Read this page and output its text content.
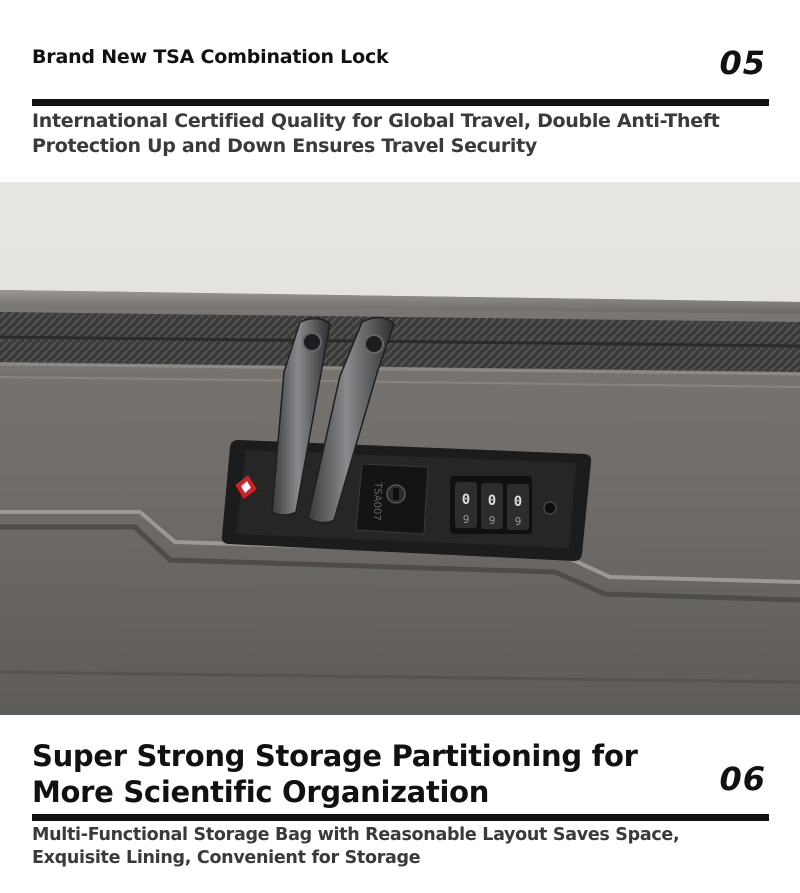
Brand New TSA Combination Lock	05
International Certified Quality for Global Travel, Double Anti-Theft Protection Up and Down Ensures Travel Security
TSA007	0
9
0
9
0
9
Super Strong Storage Partitioning for More Scientific Organization	06
Multi-Functional Storage Bag with Reasonable Layout Saves Space, Exquisite Lining, Convenient for Storage
